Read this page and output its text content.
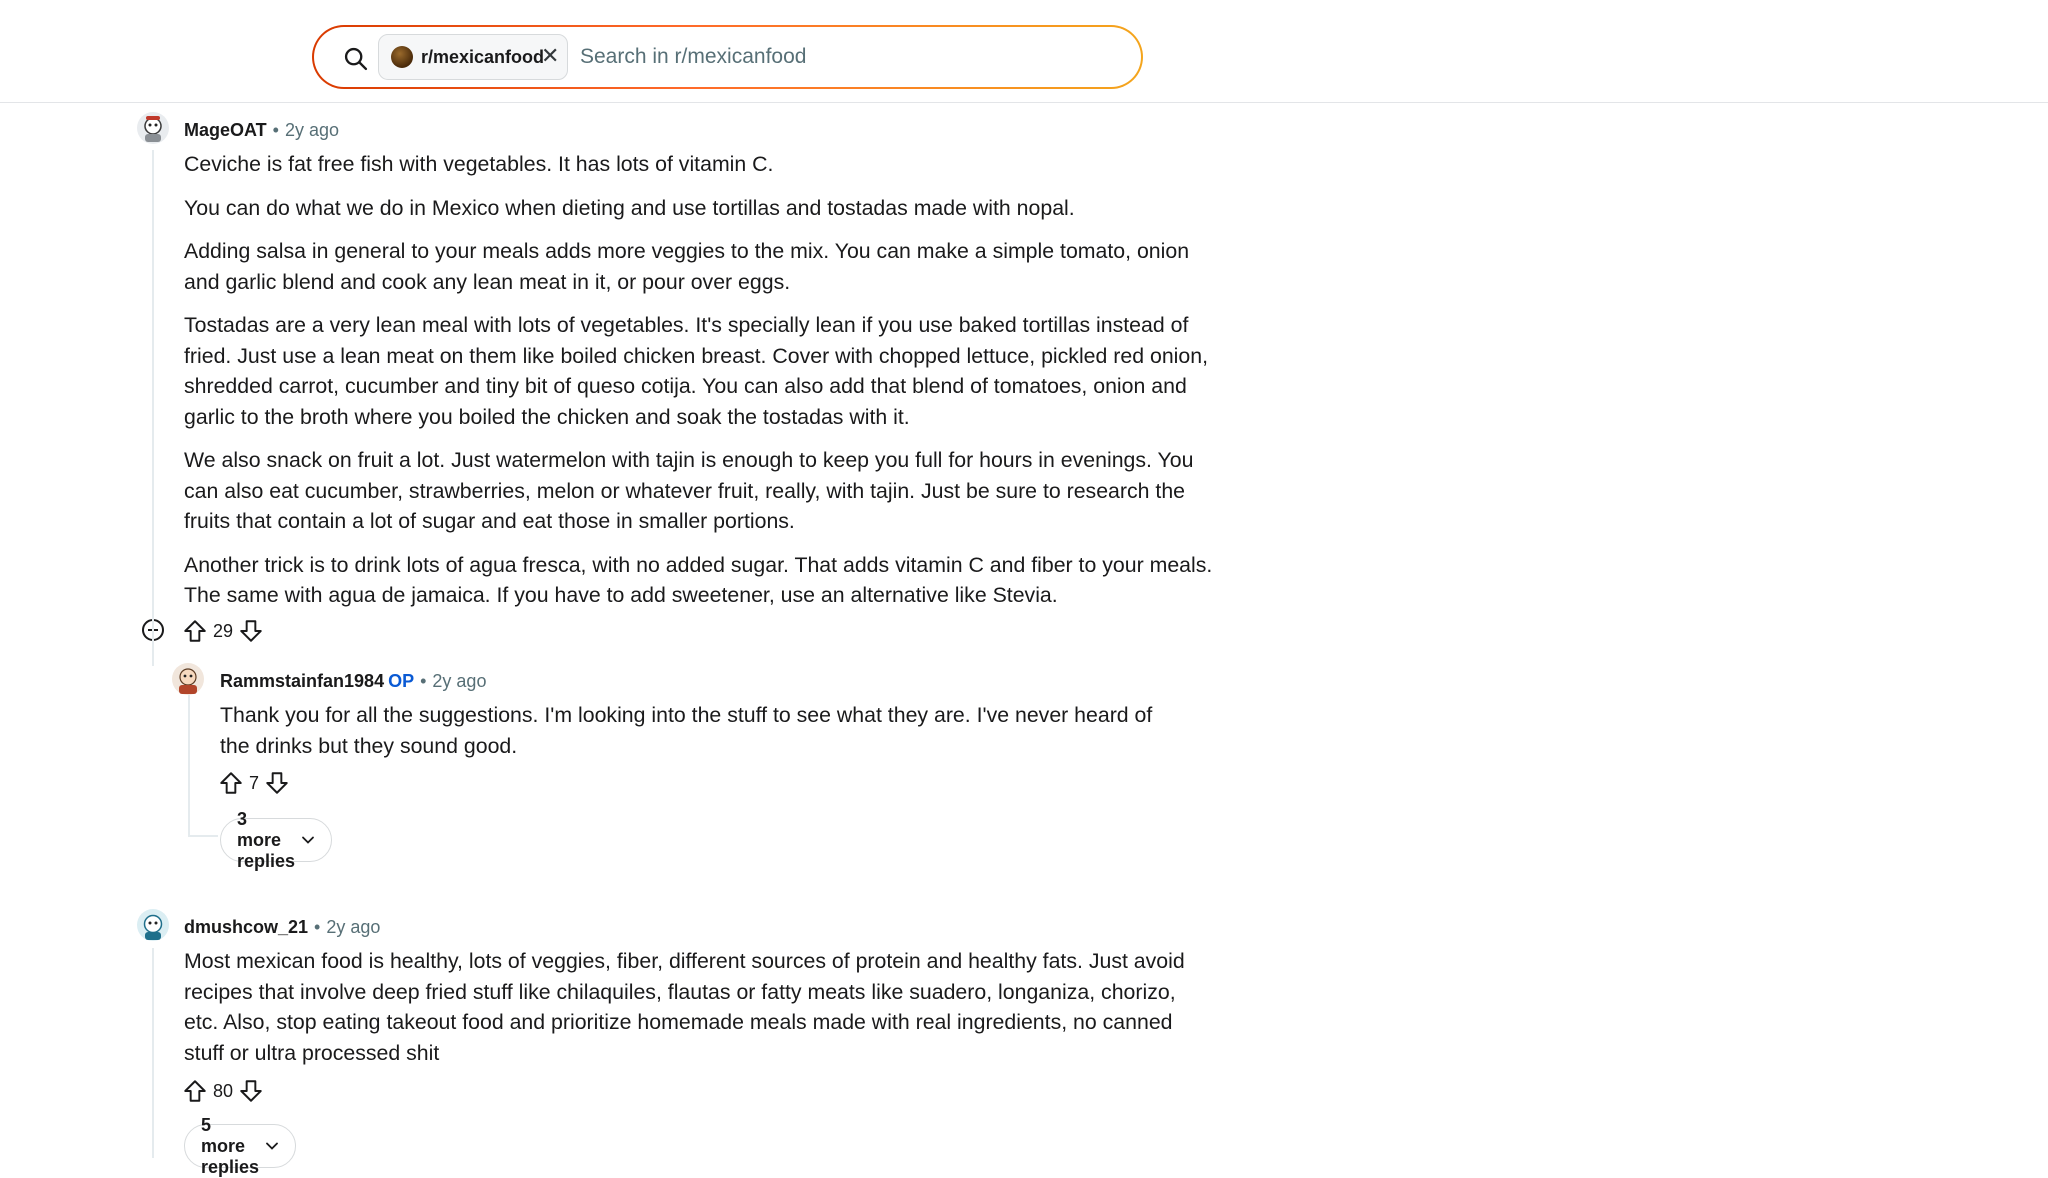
r/mexicanfood
✕
Search in r/mexicanfood
MageOAT • 2y ago

Ceviche is fat free fish with vegetables. It has lots of vitamin C.

You can do what we do in Mexico when dieting and use tortillas and tostadas made with nopal.

Adding salsa in general to your meals adds more veggies to the mix. You can make a simple tomato, onion and garlic blend and cook any lean meat in it, or pour over eggs.

Tostadas are a very lean meal with lots of vegetables. It's specially lean if you use baked tortillas instead of fried. Just use a lean meat on them like boiled chicken breast. Cover with chopped lettuce, pickled red onion, shredded carrot, cucumber and tiny bit of queso cotija. You can also add that blend of tomatoes, onion and garlic to the broth where you boiled the chicken and soak the tostadas with it.

We also snack on fruit a lot. Just watermelon with tajin is enough to keep you full for hours in evenings. You can also eat cucumber, strawberries, melon or whatever fruit, really, with tajin. Just be sure to research the fruits that contain a lot of sugar and eat those in smaller portions.

Another trick is to drink lots of agua fresca, with no added sugar. That adds vitamin C and fiber to your meals. The same with agua de jamaica. If you have to add sweetener, use an alternative like Stevia.

29
Rammstainfan1984 OP • 2y ago

Thank you for all the suggestions. I'm looking into the stuff to see what they are. I've never heard of the drinks but they sound good.

7
3 more replies
dmushcow_21 • 2y ago

Most mexican food is healthy, lots of veggies, fiber, different sources of protein and healthy fats. Just avoid recipes that involve deep fried stuff like chilaquiles, flautas or fatty meats like suadero, longaniza, chorizo, etc. Also, stop eating takeout food and prioritize homemade meals made with real ingredients, no canned stuff or ultra processed shit

80
5 more replies
